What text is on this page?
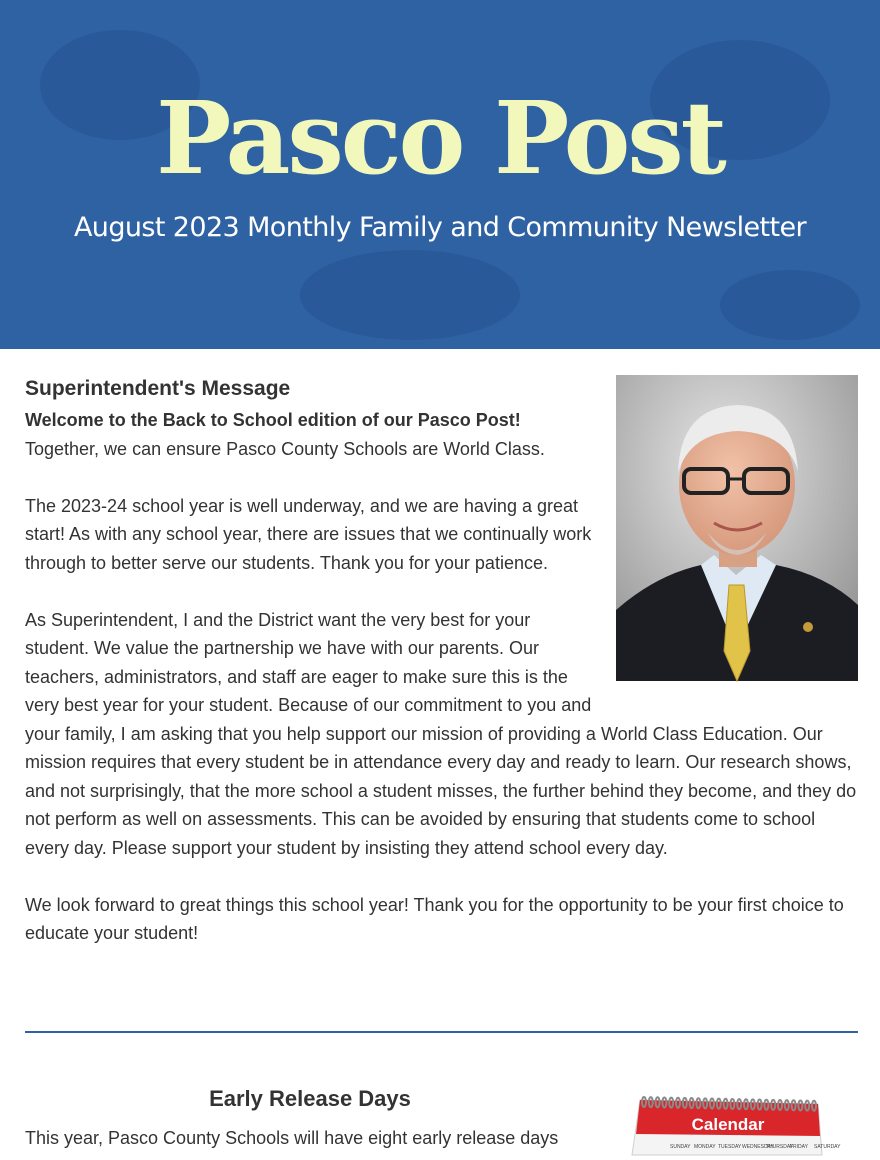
Pasco Post
August 2023 Monthly Family and Community Newsletter
Superintendent's Message

Welcome to the Back to School edition of our Pasco Post!
Together, we can ensure Pasco County Schools are World Class.

The 2023-24 school year is well underway, and we are having a great start! As with any school year, there are issues that we continually work through to better serve our students. Thank you for your patience.

As Superintendent, I and the District want the very best for your student. We value the partnership we have with our parents. Our teachers, administrators, and staff are eager to make sure this is the very best year for your student. Because of our commitment to you and your family, I am asking that you help support our mission of providing a World Class Education. Our mission requires that every student be in attendance every day and ready to learn. Our research shows, and not surprisingly, that the more school a student misses, the further behind they become, and they do not perform as well on assessments. This can be avoided by ensuring that students come to school every day. Please support your student by insisting they attend school every day.

We look forward to great things this school year! Thank you for the opportunity to be your first choice to educate your student!

Early Release Days

This year, Pasco County Schools will have eight early release days

Calendar
SUNDAY MONDAY TUESDAY WEDNESDAY
THURSDAY
FRIDAY SATURDAY
